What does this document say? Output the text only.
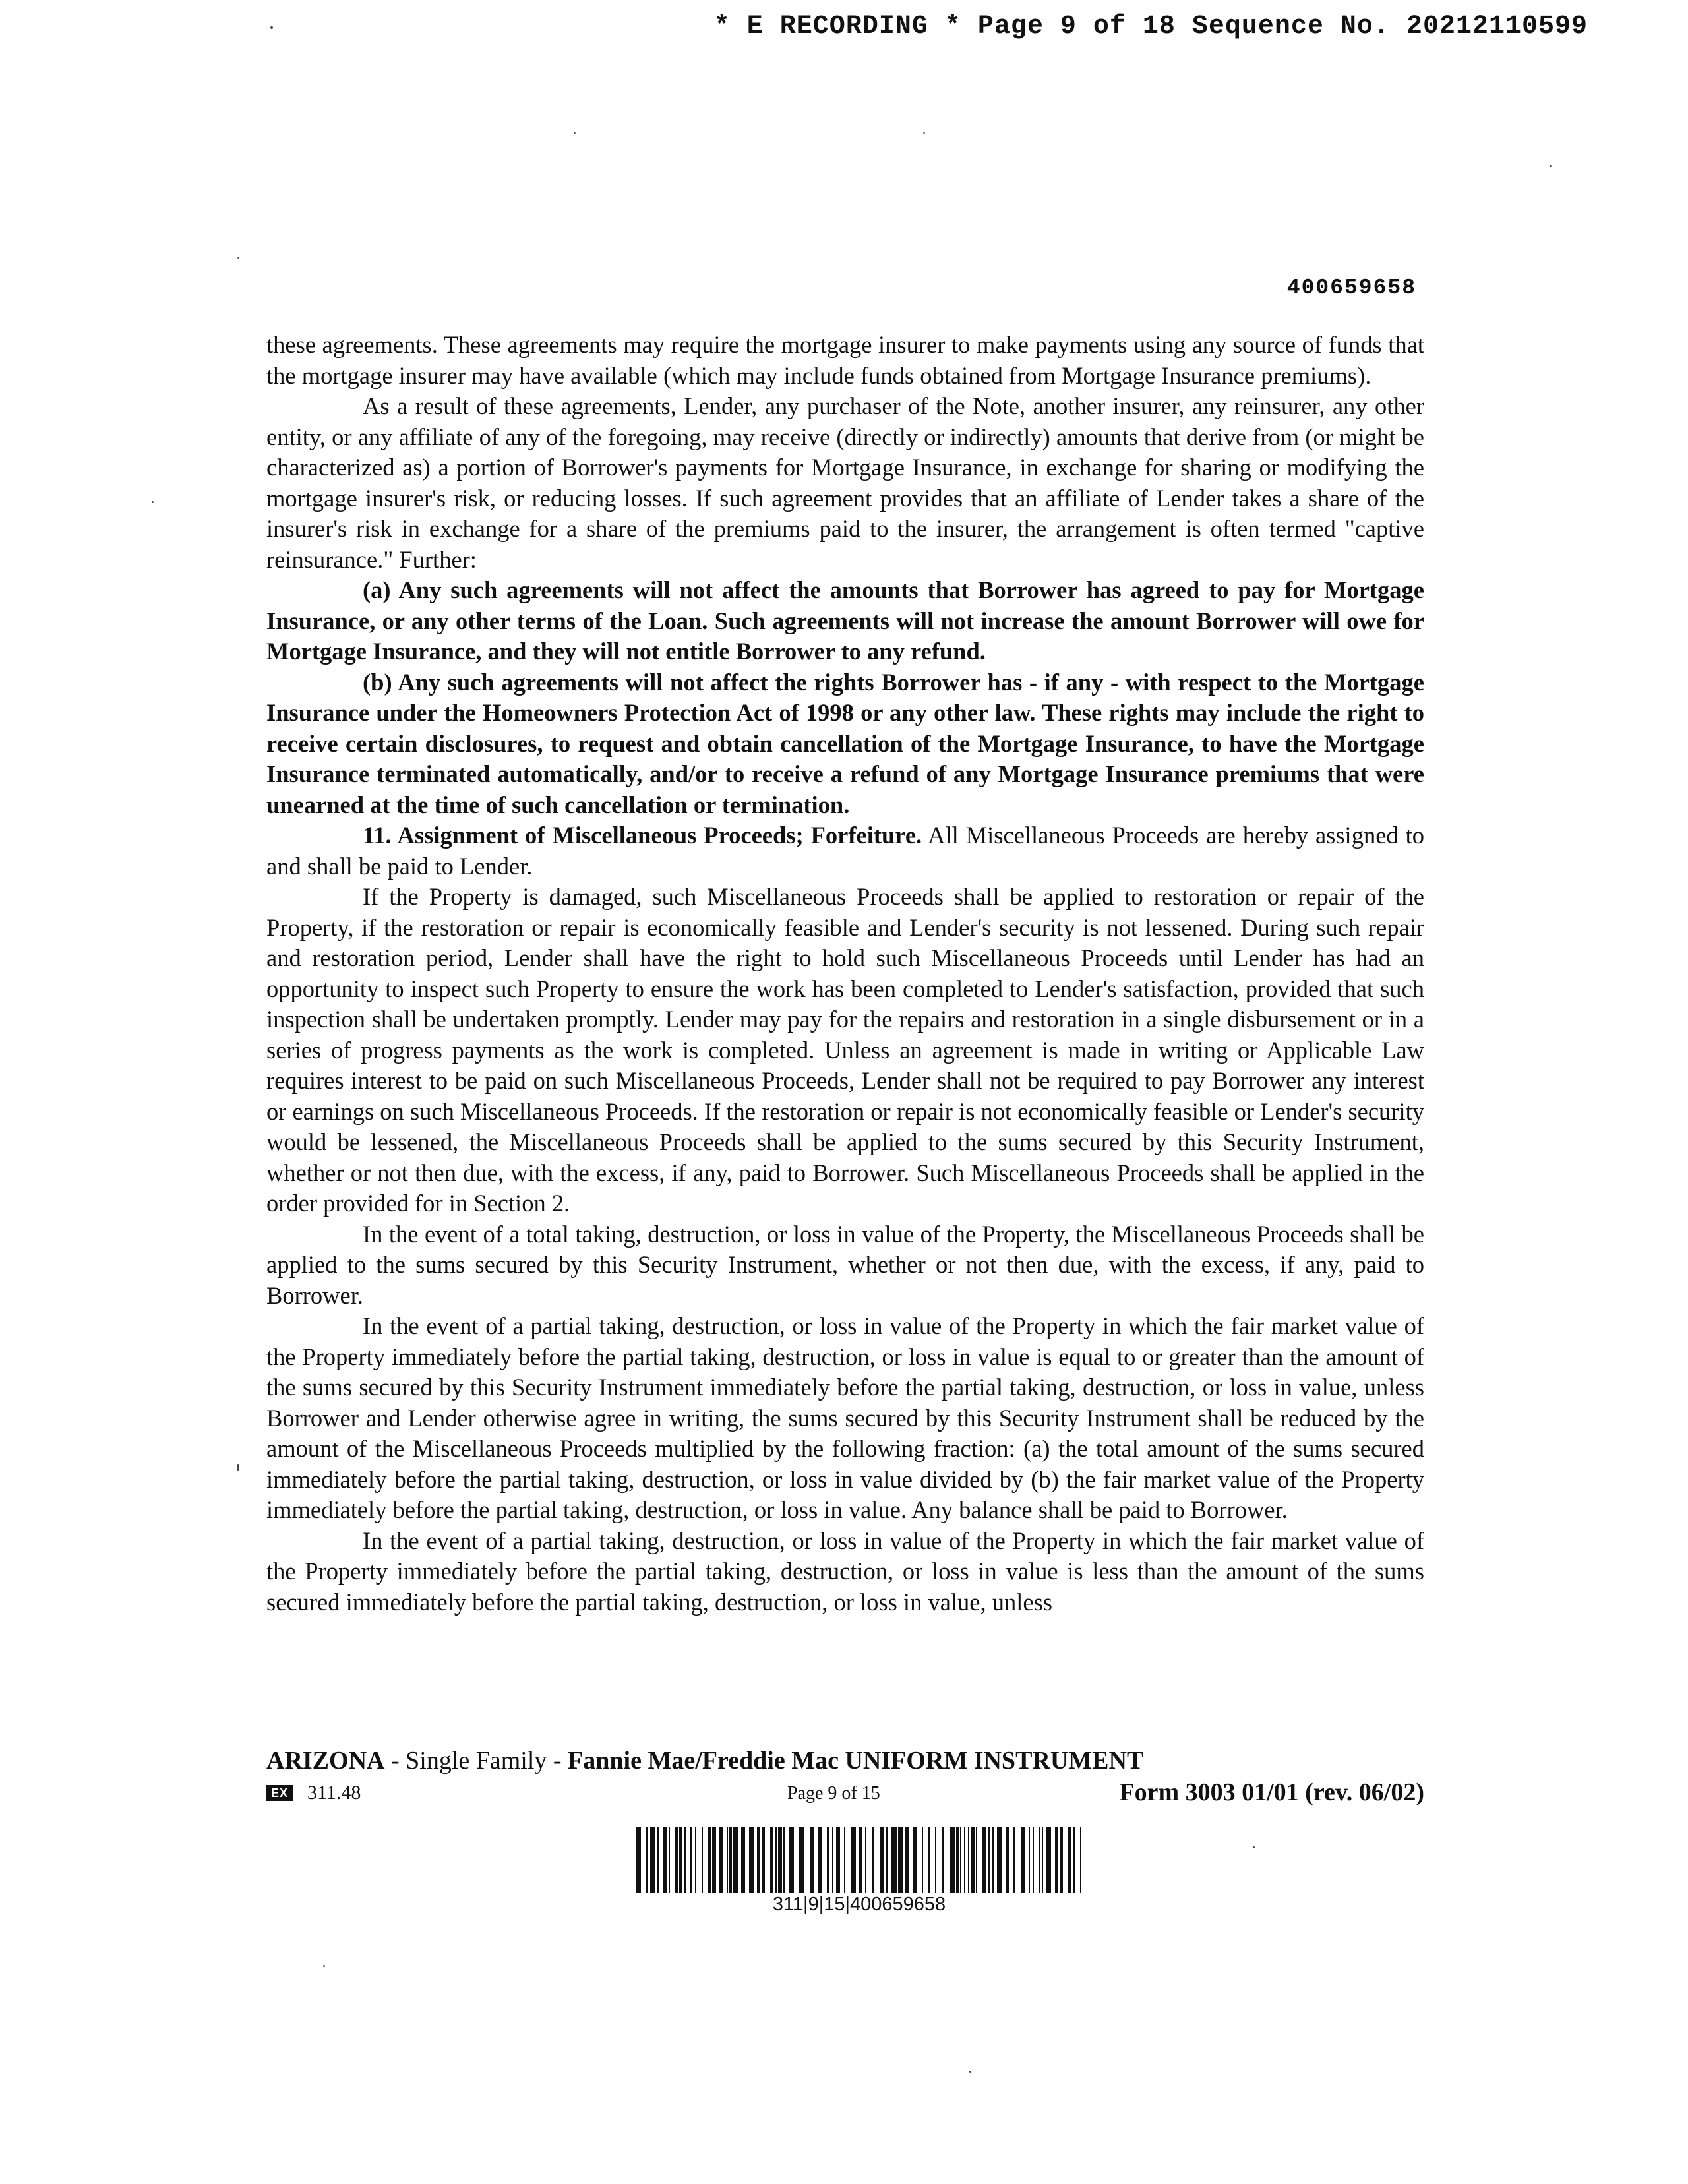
* E RECORDING * Page 9 of 18 Sequence No. 20212110599
400659658

these agreements. These agreements may require the mortgage insurer to make payments using any source of funds that the mortgage insurer may have available (which may include funds obtained from Mortgage Insurance premiums).

As a result of these agreements, Lender, any purchaser of the Note, another insurer, any reinsurer, any other entity, or any affiliate of any of the foregoing, may receive (directly or indirectly) amounts that derive from (or might be characterized as) a portion of Borrower's payments for Mortgage Insurance, in exchange for sharing or modifying the mortgage insurer's risk, or reducing losses. If such agreement provides that an affiliate of Lender takes a share of the insurer's risk in exchange for a share of the premiums paid to the insurer, the arrangement is often termed "captive reinsurance." Further:

(a) Any such agreements will not affect the amounts that Borrower has agreed to pay for Mortgage Insurance, or any other terms of the Loan. Such agreements will not increase the amount Borrower will owe for Mortgage Insurance, and they will not entitle Borrower to any refund.

(b) Any such agreements will not affect the rights Borrower has - if any - with respect to the Mortgage Insurance under the Homeowners Protection Act of 1998 or any other law. These rights may include the right to receive certain disclosures, to request and obtain cancellation of the Mortgage Insurance, to have the Mortgage Insurance terminated automatically, and/or to receive a refund of any Mortgage Insurance premiums that were unearned at the time of such cancellation or termination.

11. Assignment of Miscellaneous Proceeds; Forfeiture. All Miscellaneous Proceeds are hereby assigned to and shall be paid to Lender.

If the Property is damaged, such Miscellaneous Proceeds shall be applied to restoration or repair of the Property, if the restoration or repair is economically feasible and Lender's security is not lessened. During such repair and restoration period, Lender shall have the right to hold such Miscellaneous Proceeds until Lender has had an opportunity to inspect such Property to ensure the work has been completed to Lender's satisfaction, provided that such inspection shall be undertaken promptly. Lender may pay for the repairs and restoration in a single disbursement or in a series of progress payments as the work is completed. Unless an agreement is made in writing or Applicable Law requires interest to be paid on such Miscellaneous Proceeds, Lender shall not be required to pay Borrower any interest or earnings on such Miscellaneous Proceeds. If the restoration or repair is not economically feasible or Lender's security would be lessened, the Miscellaneous Proceeds shall be applied to the sums secured by this Security Instrument, whether or not then due, with the excess, if any, paid to Borrower. Such Miscellaneous Proceeds shall be applied in the order provided for in Section 2.

In the event of a total taking, destruction, or loss in value of the Property, the Miscellaneous Proceeds shall be applied to the sums secured by this Security Instrument, whether or not then due, with the excess, if any, paid to Borrower.

In the event of a partial taking, destruction, or loss in value of the Property in which the fair market value of the Property immediately before the partial taking, destruction, or loss in value is equal to or greater than the amount of the sums secured by this Security Instrument immediately before the partial taking, destruction, or loss in value, unless Borrower and Lender otherwise agree in writing, the sums secured by this Security Instrument shall be reduced by the amount of the Miscellaneous Proceeds multiplied by the following fraction: (a) the total amount of the sums secured immediately before the partial taking, destruction, or loss in value divided by (b) the fair market value of the Property immediately before the partial taking, destruction, or loss in value. Any balance shall be paid to Borrower.

In the event of a partial taking, destruction, or loss in value of the Property in which the fair market value of the Property immediately before the partial taking, destruction, or loss in value is less than the amount of the sums secured immediately before the partial taking, destruction, or loss in value, unless

ARIZONA - Single Family - Fannie Mae/Freddie Mac UNIFORM INSTRUMENT
EX 311.48	Page 9 of 15	Form 3003 01/01 (rev. 06/02)
311|9|15|400659658
